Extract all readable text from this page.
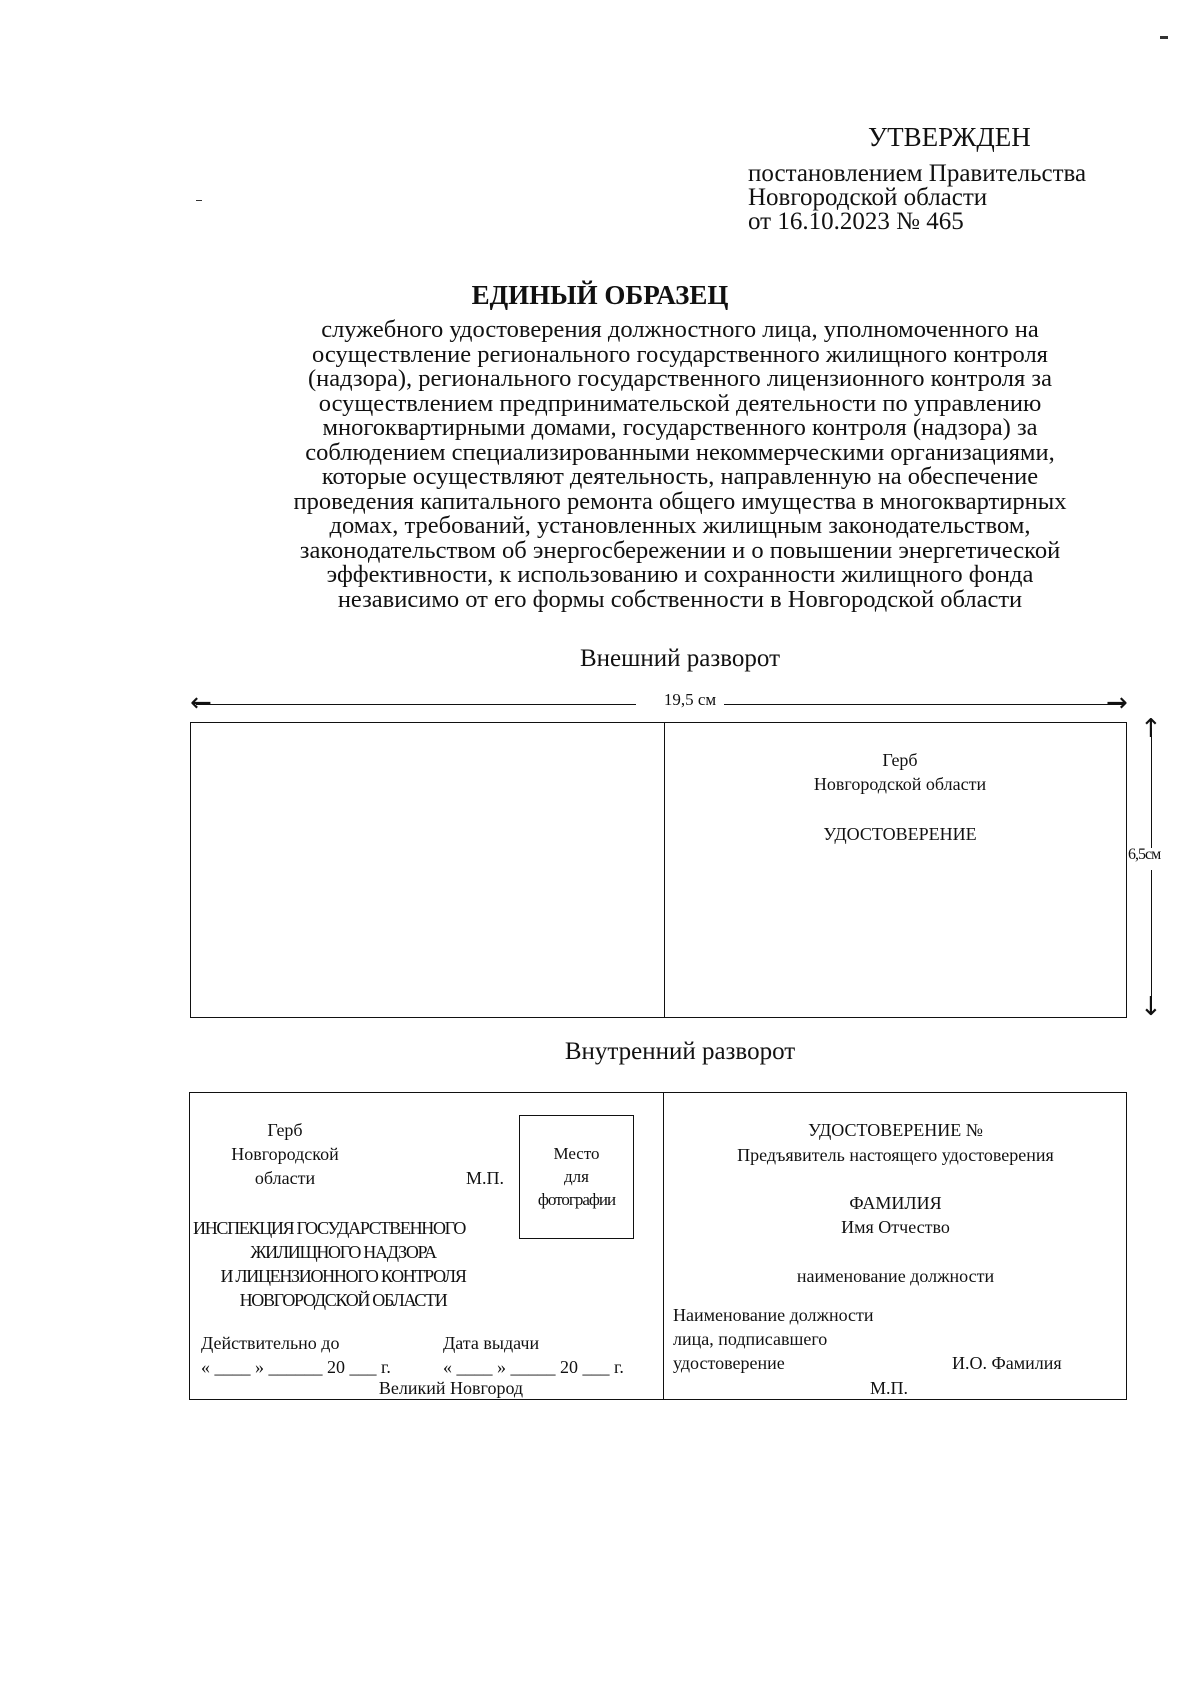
УТВЕРЖДЕН
постановлением Правительства
Новгородской области
от 16.10.2023 № 465
ЕДИНЫЙ ОБРАЗЕЦ
служебного удостоверения должностного лица, уполномоченного на
осуществление регионального государственного жилищного контроля
(надзора), регионального государственного лицензионного контроля за
осуществлением предпринимательской деятельности по управлению
многоквартирными домами, государственного контроля (надзора) за
соблюдением специализированными некоммерческими организациями,
которые осуществляют деятельность, направленную на обеспечение
проведения капитального ремонта общего имущества в многоквартирных
домах, требований, установленных жилищным законодательством,
законодательством об энергосбережении и о повышении энергетической
эффективности, к использованию и сохранности жилищного фонда
независимо от его формы собственности в Новгородской области
Внешний разворот
←	19,5 см	→
Герб
Новгородской области
УДОСТОВЕРЕНИЕ
↑
↓
6,5см
Внутренний разворот
Герб
Новгородской
области	М.П.
Место
для
фотографии
ИНСПЕКЦИЯ ГОСУДАРСТВЕННОГО
ЖИЛИЩНОГО НАДЗОРА
И ЛИЦЕНЗИОННОГО КОНТРОЛЯ
НОВГОРОДСКОЙ ОБЛАСТИ
Действительно до	Дата выдачи
« ____ » ______ 20 ___ г.	« ____ » _____ 20 ___ г.
Великий Новгород
УДОСТОВЕРЕНИЕ №
Предъявитель настоящего удостоверения
ФАМИЛИЯ
Имя Отчество
наименование должности
Наименование должности
лица, подписавшего
удостоверение	И.О. Фамилия
М.П.
